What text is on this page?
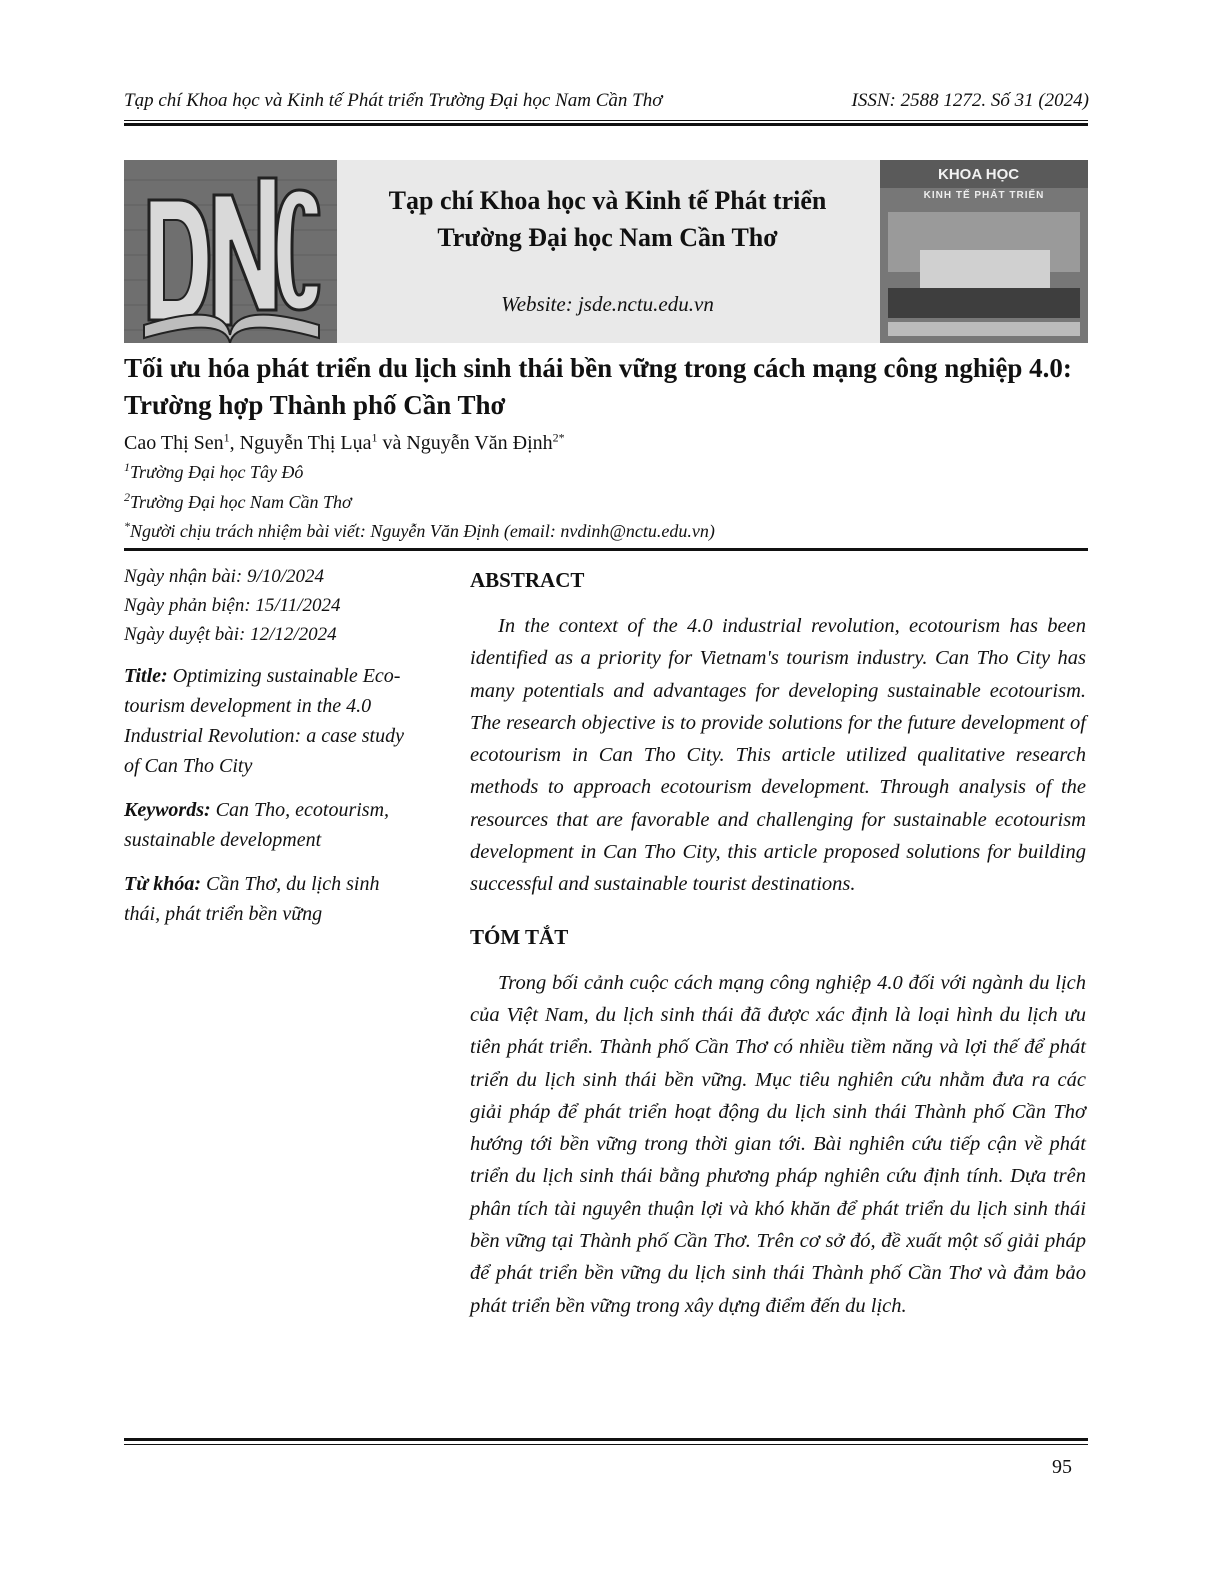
Tạp chí Khoa học và Kinh tế Phát triển Trường Đại học Nam Cần Thơ	ISSN: 2588 1272. Số 31 (2024)
Tạp chí Khoa học và Kinh tế Phát triển
Trường Đại học Nam Cần Thơ
Website: jsde.nctu.edu.vn
KHOA HỌC
KINH TẾ PHÁT TRIỂN
Tối ưu hóa phát triển du lịch sinh thái bền vững trong cách mạng công nghiệp 4.0:
Trường hợp Thành phố Cần Thơ
Cao Thị Sen$^1$, Nguyễn Thị Lụa$^1$ và Nguyễn Văn Định$^{2*}$
$^1$Trường Đại học Tây Đô
$^2$Trường Đại học Nam Cần Thơ
*Người chịu trách nhiệm bài viết: Nguyễn Văn Định (email: nvdinh@nctu.edu.vn)
Ngày nhận bài: 9/10/2024
Ngày phản biện: 15/11/2024
Ngày duyệt bài: 12/12/2024

Title: Optimizing sustainable Eco-tourism development in the 4.0 Industrial Revolution: a case study of Can Tho City

Keywords: Can Tho, ecotourism, sustainable development

Từ khóa: Cần Thơ, du lịch sinh thái, phát triển bền vững

ABSTRACT

In the context of the 4.0 industrial revolution, ecotourism has been identified as a priority for Vietnam's tourism industry. Can Tho City has many potentials and advantages for developing sustainable ecotourism. The research objective is to provide solutions for the future development of ecotourism in Can Tho City. This article utilized qualitative research methods to approach ecotourism development. Through analysis of the resources that are favorable and challenging for sustainable ecotourism development in Can Tho City, this article proposed solutions for building successful and sustainable tourist destinations.

TÓM TẮT

Trong bối cảnh cuộc cách mạng công nghiệp 4.0 đối với ngành du lịch của Việt Nam, du lịch sinh thái đã được xác định là loại hình du lịch ưu tiên phát triển. Thành phố Cần Thơ có nhiều tiềm năng và lợi thế để phát triển du lịch sinh thái bền vững. Mục tiêu nghiên cứu nhằm đưa ra các giải pháp để phát triển hoạt động du lịch sinh thái Thành phố Cần Thơ hướng tới bền vững trong thời gian tới. Bài nghiên cứu tiếp cận về phát triển du lịch sinh thái bằng phương pháp nghiên cứu định tính. Dựa trên phân tích tài nguyên thuận lợi và khó khăn để phát triển du lịch sinh thái bền vững tại Thành phố Cần Thơ. Trên cơ sở đó, đề xuất một số giải pháp để phát triển bền vững du lịch sinh thái Thành phố Cần Thơ và đảm bảo phát triển bền vững trong xây dựng điểm đến du lịch.

95
